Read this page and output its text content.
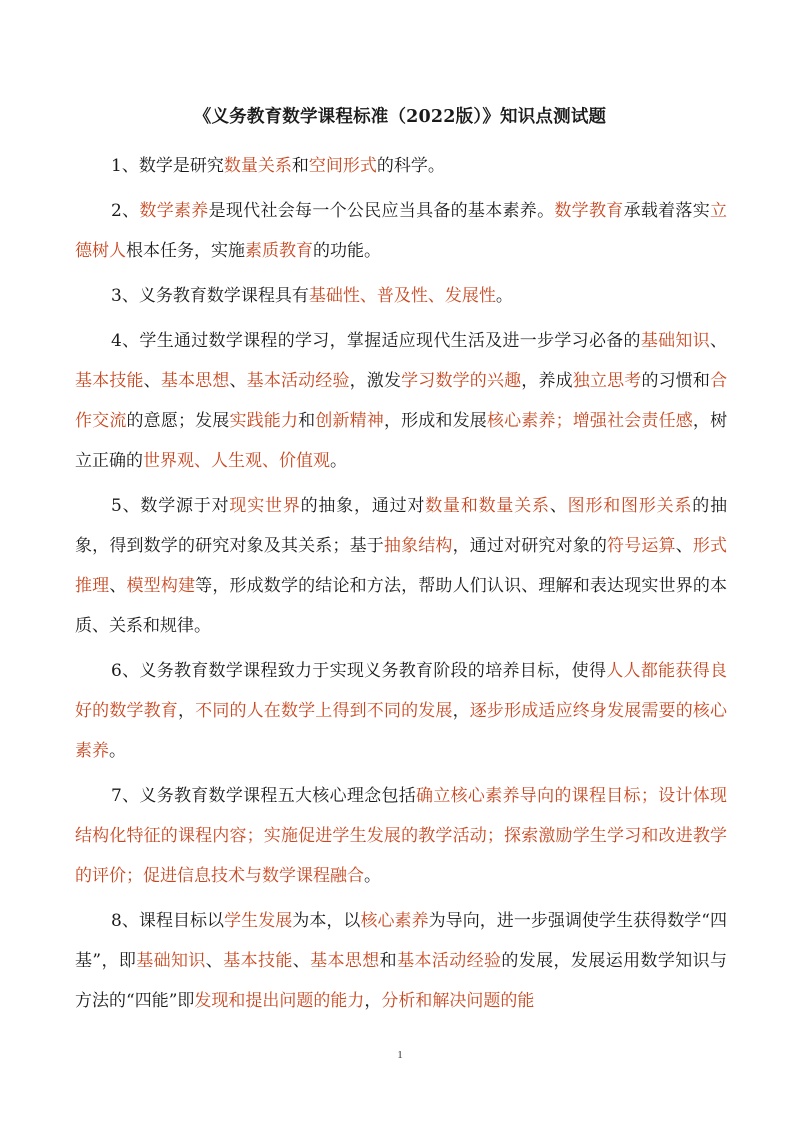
《义务教育数学课程标准（2022版）》知识点测试题

1、数学是研究数量关系和空间形式的科学。

2、数学素养是现代社会每一个公民应当具备的基本素养。数学教育承载着落实立德树人根本任务，实施素质教育的功能。

3、义务教育数学课程具有基础性、普及性、发展性。

4、学生通过数学课程的学习，掌握适应现代生活及进一步学习必备的基础知识、基本技能、基本思想、基本活动经验，激发学习数学的兴趣，养成独立思考的习惯和合作交流的意愿；发展实践能力和创新精神，形成和发展核心素养；增强社会责任感，树立正确的世界观、人生观、价值观。

5、数学源于对现实世界的抽象，通过对数量和数量关系、图形和图形关系的抽象，得到数学的研究对象及其关系；基于抽象结构，通过对研究对象的符号运算、形式推理、模型构建等，形成数学的结论和方法，帮助人们认识、理解和表达现实世界的本质、关系和规律。

6、义务教育数学课程致力于实现义务教育阶段的培养目标，使得人人都能获得良好的数学教育，不同的人在数学上得到不同的发展，逐步形成适应终身发展需要的核心素养。

7、义务教育数学课程五大核心理念包括确立核心素养导向的课程目标；设计体现结构化特征的课程内容；实施促进学生发展的教学活动；探索激励学生学习和改进教学的评价；促进信息技术与数学课程融合。

8、课程目标以学生发展为本，以核心素养为导向，进一步强调使学生获得数学“四基”，即基础知识、基本技能、基本思想和基本活动经验的发展，发展运用数学知识与方法的“四能”即发现和提出问题的能力，分析和解决问题的能

1
